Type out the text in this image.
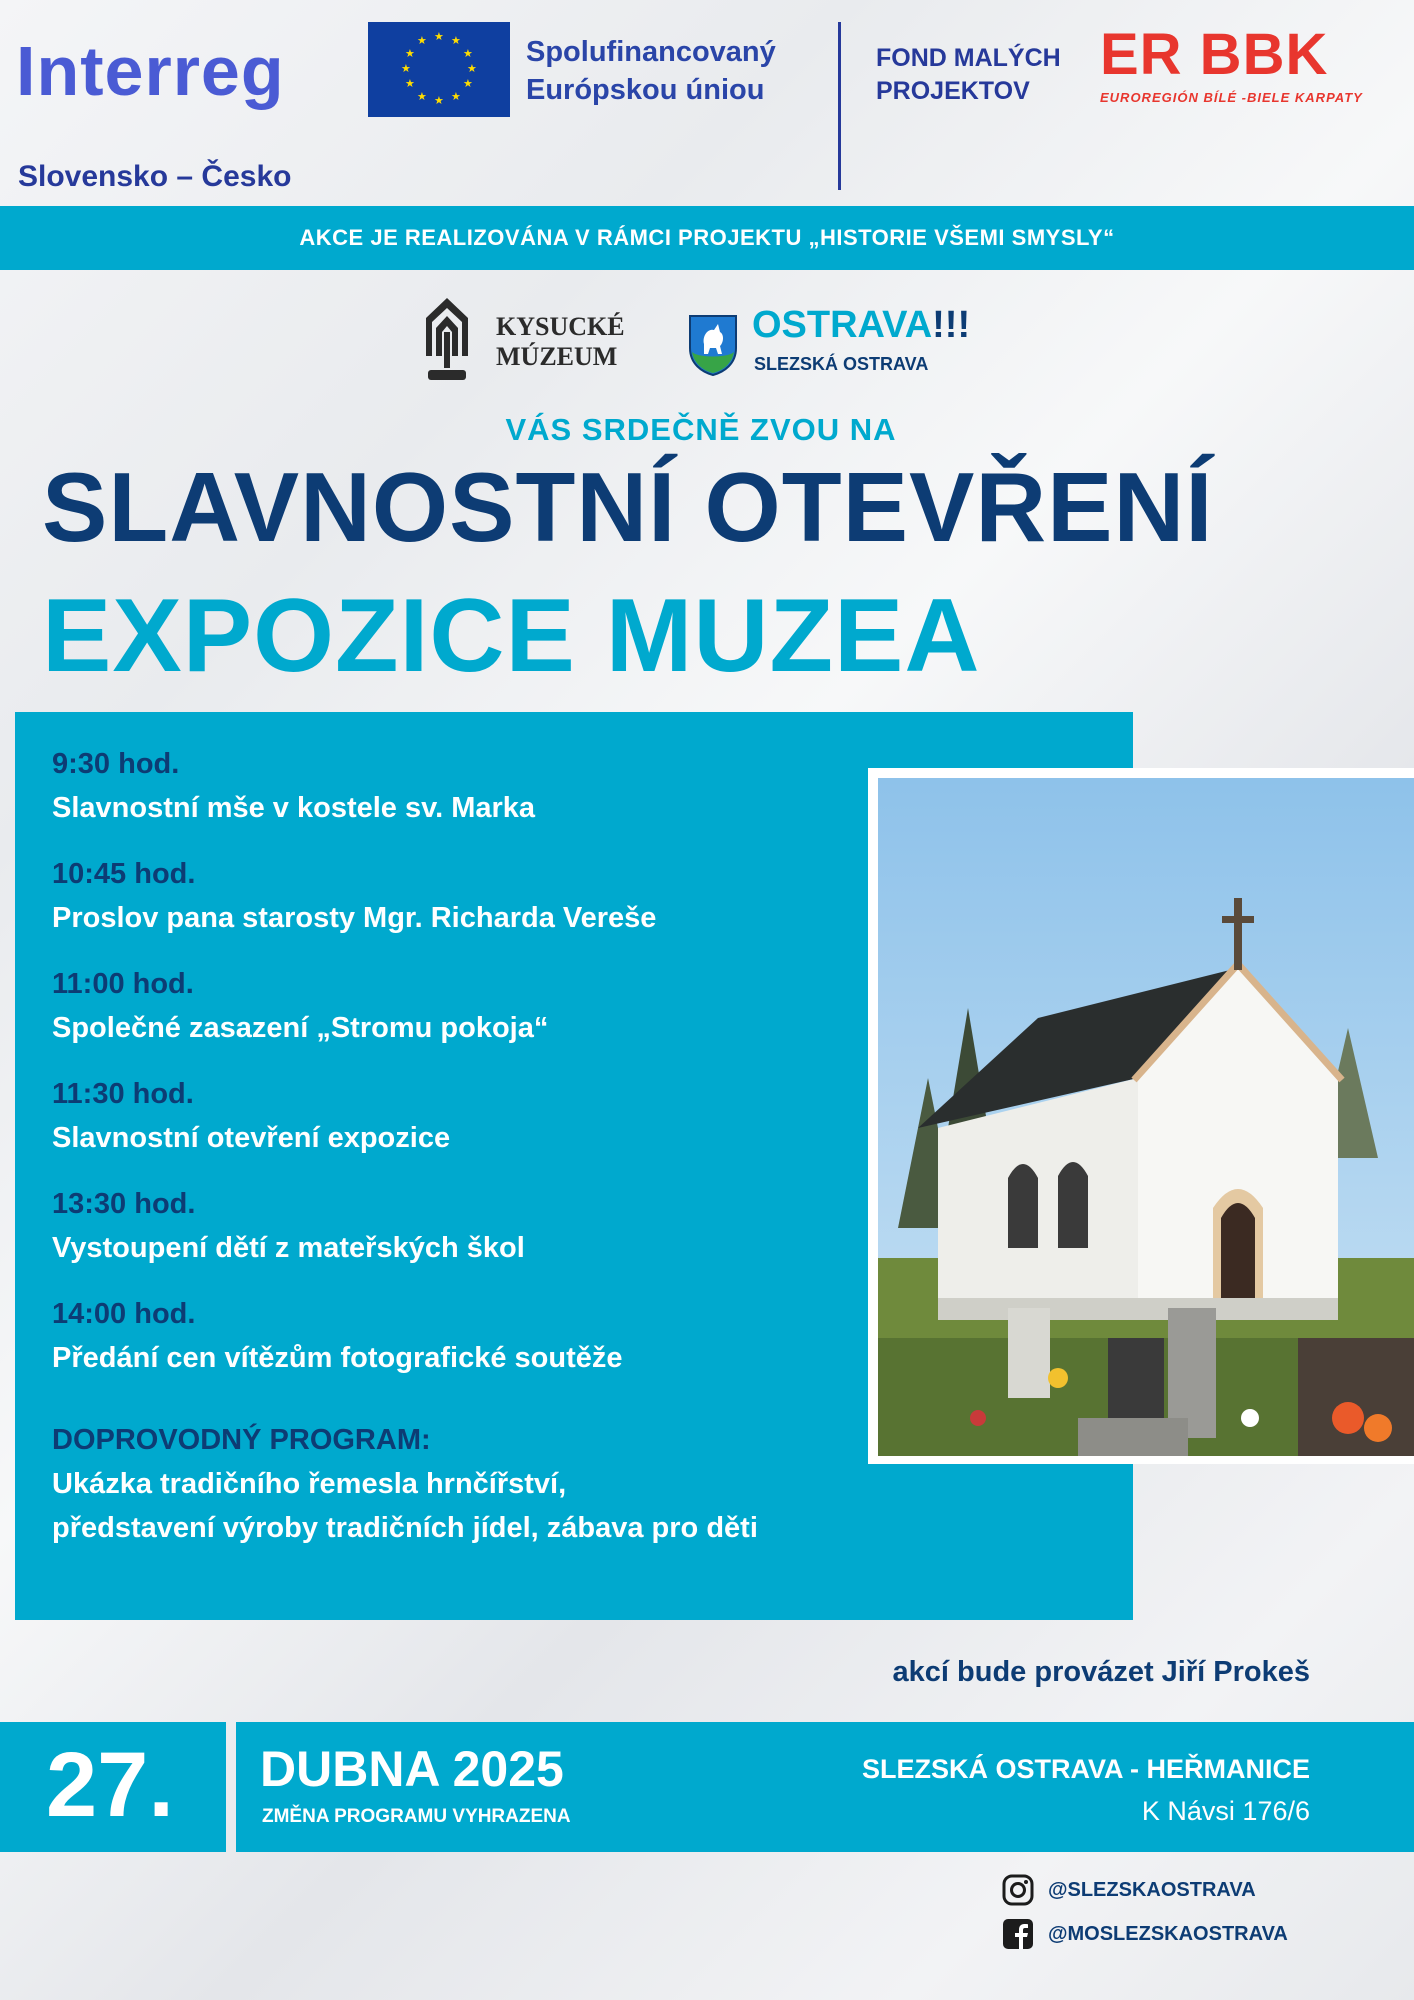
Interreg
Slovensko – Česko
★ ★
★
★
★
★
★
★
★
★
★
★	Spolufinancovaný
Európskou úniou
FOND MALÝCH
PROJEKTOV
ER BBK
EUROREGIÓN BÍLÉ -BIELE KARPATY
AKCE JE REALIZOVÁNA V RÁMCI PROJEKTU „HISTORIE VŠEMI SMYSLY“
KYSUCKÉ
MÚZEUM
OSTRAVA!!!
SLEZSKÁ OSTRAVA
VÁS SRDEČNĚ ZVOU NA
SLAVNOSTNÍ OTEVŘENÍ
EXPOZICE MUZEA
9:30 hod.
Slavnostní mše v kostele sv. Marka
10:45 hod.
Proslov pana starosty Mgr. Richarda Vereše
11:00 hod.
Společné zasazení „Stromu pokoja“
11:30 hod.
Slavnostní otevření expozice
13:30 hod.
Vystoupení dětí z mateřských škol
14:00 hod.
Předání cen vítězům fotografické soutěže
DOPROVODNÝ PROGRAM:
Ukázka tradičního řemesla hrnčířství,
představení výroby tradičních jídel, zábava pro děti
akcí bude provázet Jiří Prokeš
27. DUBNA 2025
ZMĚNA PROGRAMU VYHRAZENA
SLEZSKÁ OSTRAVA - HEŘMANICE
K Návsi 176/6
@SLEZSKAOSTRAVA
@MOSLEZSKAOSTRAVA
